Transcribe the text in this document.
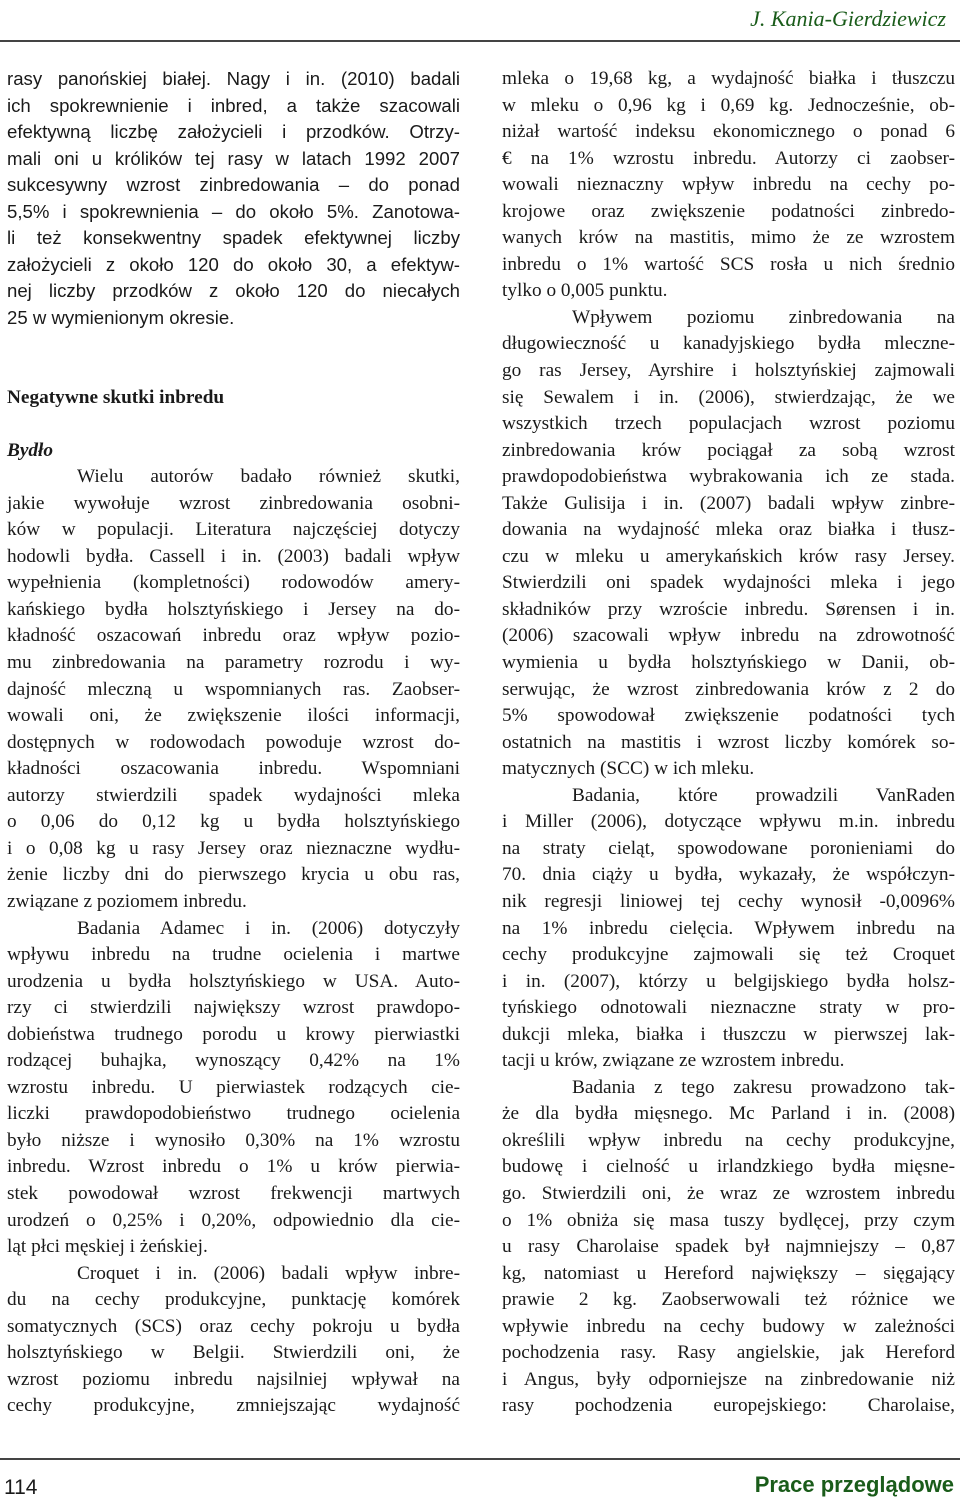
J. Kania-Gierdziewicz
rasy panońskiej białej. Nagy i in. (2010) badali
ich spokrewnienie i inbred, a także szacowali
efektywną liczbę założycieli i przodków. Otrzy-
mali oni u królików tej rasy w latach 1992 2007
sukcesywny wzrost zinbredowania – do ponad
5,5% i spokrewnienia – do około 5%. Zanotowa-
li też konsekwentny spadek efektywnej liczby
założycieli z około 120 do około 30, a efektyw-
nej liczby przodków z około 120 do niecałych
25 w wymienionym okresie.
Negatywne skutki inbredu
Bydło
Wielu autorów badało również skutki,
jakie wywołuje wzrost zinbredowania osobni-
ków w populacji. Literatura najczęściej dotyczy
hodowli bydła. Cassell i in. (2003) badali wpływ
wypełnienia (kompletności) rodowodów amery-
kańskiego bydła holsztyńskiego i Jersey na do-
kładność oszacowań inbredu oraz wpływ pozio-
mu zinbredowania na parametry rozrodu i wy-
dajność mleczną u wspomnianych ras. Zaobser-
wowali oni, że zwiększenie ilości informacji,
dostępnych w rodowodach powoduje wzrost do-
kładności oszacowania inbredu. Wspomniani
autorzy stwierdzili spadek wydajności mleka
o 0,06 do 0,12 kg u bydła holsztyńskiego
i o 0,08 kg u rasy Jersey oraz nieznaczne wydłu-
żenie liczby dni do pierwszego krycia u obu ras,
związane z poziomem inbredu.
Badania Adamec i in. (2006) dotyczyły
wpływu inbredu na trudne ocielenia i martwe
urodzenia u bydła holsztyńskiego w USA. Auto-
rzy ci stwierdzili największy wzrost prawdopo-
dobieństwa trudnego porodu u krowy pierwiastki
rodzącej buhajka, wynoszący 0,42% na 1%
wzrostu inbredu. U pierwiastek rodzących cie-
liczki prawdopodobieństwo trudnego ocielenia
było niższe i wynosiło 0,30% na 1% wzrostu
inbredu. Wzrost inbredu o 1% u krów pierwia-
stek powodował wzrost frekwencji martwych
urodzeń o 0,25% i 0,20%, odpowiednio dla cie-
ląt płci męskiej i żeńskiej.
Croquet i in. (2006) badali wpływ inbre-
du na cechy produkcyjne, punktację komórek
somatycznych (SCS) oraz cechy pokroju u bydła
holsztyńskiego w Belgii. Stwierdzili oni, że
wzrost poziomu inbredu najsilniej wpływał na
cechy produkcyjne, zmniejszając wydajność
mleka o 19,68 kg, a wydajność białka i tłuszczu
w mleku o 0,96 kg i 0,69 kg. Jednocześnie, ob-
niżał wartość indeksu ekonomicznego o ponad 6
€ na 1% wzrostu inbredu. Autorzy ci zaobser-
wowali nieznaczny wpływ inbredu na cechy po-
krojowe oraz zwiększenie podatności zinbredo-
wanych krów na mastitis, mimo że ze wzrostem
inbredu o 1% wartość SCS rosła u nich średnio
tylko o 0,005 punktu.
Wpływem poziomu zinbredowania na
długowieczność u kanadyjskiego bydła mleczne-
go ras Jersey, Ayrshire i holsztyńskiej zajmowali
się Sewalem i in. (2006), stwierdzając, że we
wszystkich trzech populacjach wzrost poziomu
zinbredowania krów pociągał za sobą wzrost
prawdopodobieństwa wybrakowania ich ze stada.
Także Gulisija i in. (2007) badali wpływ zinbre-
dowania na wydajność mleka oraz białka i tłusz-
czu w mleku u amerykańskich krów rasy Jersey.
Stwierdzili oni spadek wydajności mleka i jego
składników przy wzroście inbredu. Sørensen i in.
(2006) szacowali wpływ inbredu na zdrowotność
wymienia u bydła holsztyńskiego w Danii, ob-
serwując, że wzrost zinbredowania krów z 2 do
5% spowodował zwiększenie podatności tych
ostatnich na mastitis i wzrost liczby komórek so-
matycznych (SCC) w ich mleku.
Badania, które prowadzili VanRaden
i Miller (2006), dotyczące wpływu m.in. inbredu
na straty cieląt, spowodowane poronieniami do
70. dnia ciąży u bydła, wykazały, że współczyn-
nik regresji liniowej tej cechy wynosił -0,0096%
na 1% inbredu cielęcia. Wpływem inbredu na
cechy produkcyjne zajmowali się też Croquet
i in. (2007), którzy u belgijskiego bydła holsz-
tyńskiego odnotowali nieznaczne straty w pro-
dukcji mleka, białka i tłuszczu w pierwszej lak-
tacji u krów, związane ze wzrostem inbredu.
Badania z tego zakresu prowadzono tak-
że dla bydła mięsnego. Mc Parland i in. (2008)
określili wpływ inbredu na cechy produkcyjne,
budowę i cielność u irlandzkiego bydła mięsne-
go. Stwierdzili oni, że wraz ze wzrostem inbredu
o 1% obniża się masa tuszy bydlęcej, przy czym
u rasy Charolaise spadek był najmniejszy – 0,87
kg, natomiast u Hereford największy – sięgający
prawie 2 kg. Zaobserwowali też różnice we
wpływie inbredu na cechy budowy w zależności
pochodzenia rasy. Rasy angielskie, jak Hereford
i Angus, były odporniejsze na zinbredowanie niż
rasy pochodzenia europejskiego: Charolaise,
114	Prace przeglądowe
